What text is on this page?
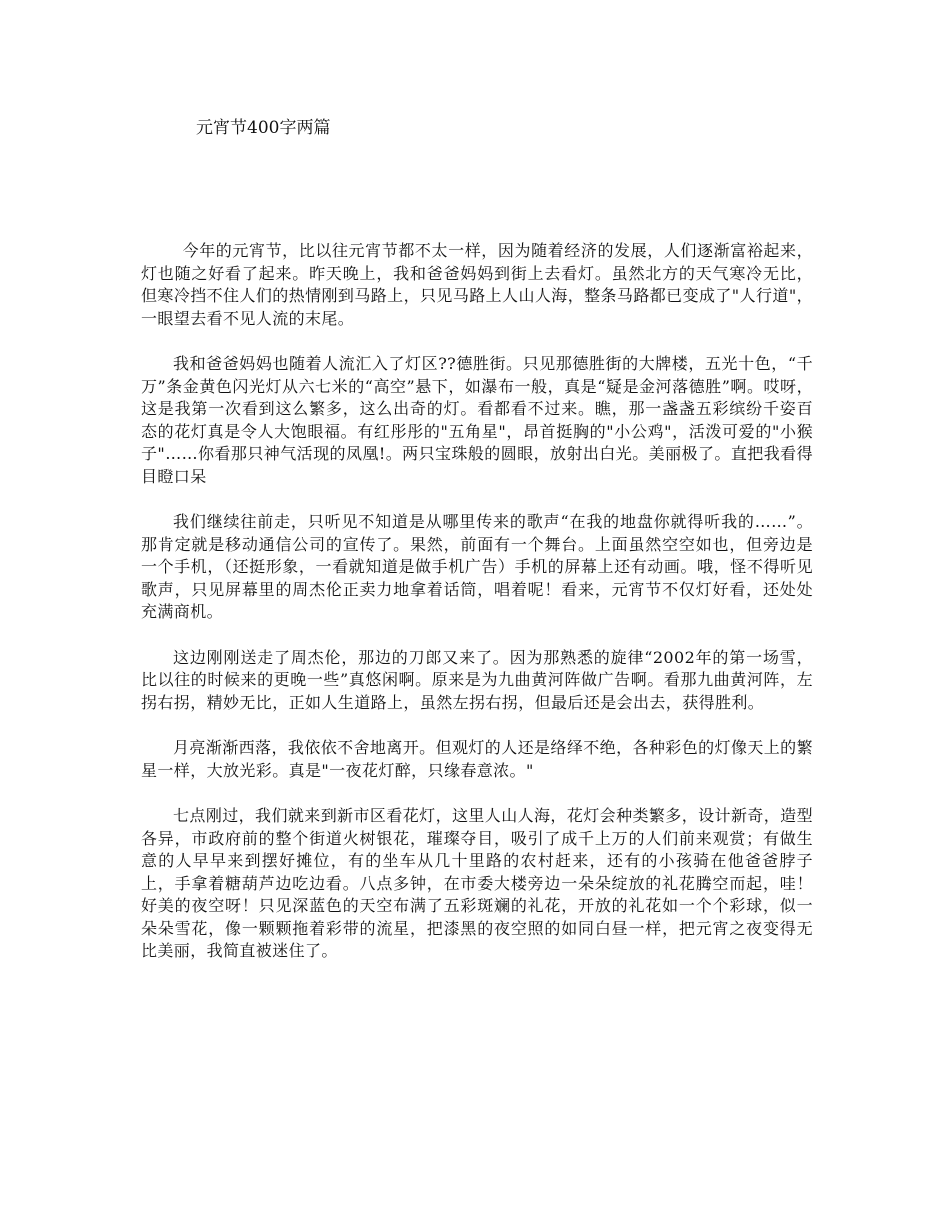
元宵节400字两篇

今年的元宵节，比以往元宵节都不太一样，因为随着经济的发展，人们逐渐富裕起来，灯也随之好看了起来。昨天晚上，我和爸爸妈妈到街上去看灯。虽然北方的天气寒冷无比，但寒冷挡不住人们的热情刚到马路上，只见马路上人山人海，整条马路都已变成了"人行道"，一眼望去看不见人流的末尾。

我和爸爸妈妈也随着人流汇入了灯区??德胜街。只见那德胜街的大牌楼，五光十色，“千万”条金黄色闪光灯从六七米的“高空”悬下，如瀑布一般，真是“疑是金河落德胜”啊。哎呀，这是我第一次看到这么繁多，这么出奇的灯。看都看不过来。瞧，那一盏盏五彩缤纷千姿百态的花灯真是令人大饱眼福。有红彤彤的"五角星"，昂首挺胸的"小公鸡"，活泼可爱的"小猴子"……你看那只神气活现的凤凰!。两只宝珠般的圆眼，放射出白光。美丽极了。直把我看得目瞪口呆

我们继续往前走，只听见不知道是从哪里传来的歌声“在我的地盘你就得听我的……”。那肯定就是移动通信公司的宣传了。果然，前面有一个舞台。上面虽然空空如也，但旁边是一个手机，（还挺形象，一看就知道是做手机广告）手机的屏幕上还有动画。哦，怪不得听见歌声，只见屏幕里的周杰伦正卖力地拿着话筒，唱着呢！看来，元宵节不仅灯好看，还处处充满商机。

这边刚刚送走了周杰伦，那边的刀郎又来了。因为那熟悉的旋律“2002年的第一场雪，比以往的时候来的更晚一些”真悠闲啊。原来是为九曲黄河阵做广告啊。看那九曲黄河阵，左拐右拐，精妙无比，正如人生道路上，虽然左拐右拐，但最后还是会出去，获得胜利。

月亮渐渐西落，我依依不舍地离开。但观灯的人还是络绎不绝，各种彩色的灯像天上的繁星一样，大放光彩。真是"一夜花灯醉，只缘春意浓。"

七点刚过，我们就来到新市区看花灯，这里人山人海，花灯会种类繁多，设计新奇，造型各异，市政府前的整个街道火树银花，璀璨夺目，吸引了成千上万的人们前来观赏；有做生意的人早早来到摆好摊位，有的坐车从几十里路的农村赶来，还有的小孩骑在他爸爸脖子上，手拿着糖葫芦边吃边看。八点多钟，在市委大楼旁边一朵朵绽放的礼花腾空而起，哇！好美的夜空呀！只见深蓝色的天空布满了五彩斑斓的礼花，开放的礼花如一个个彩球，似一朵朵雪花，像一颗颗拖着彩带的流星，把漆黑的夜空照的如同白昼一样，把元宵之夜变得无比美丽，我简直被迷住了。
